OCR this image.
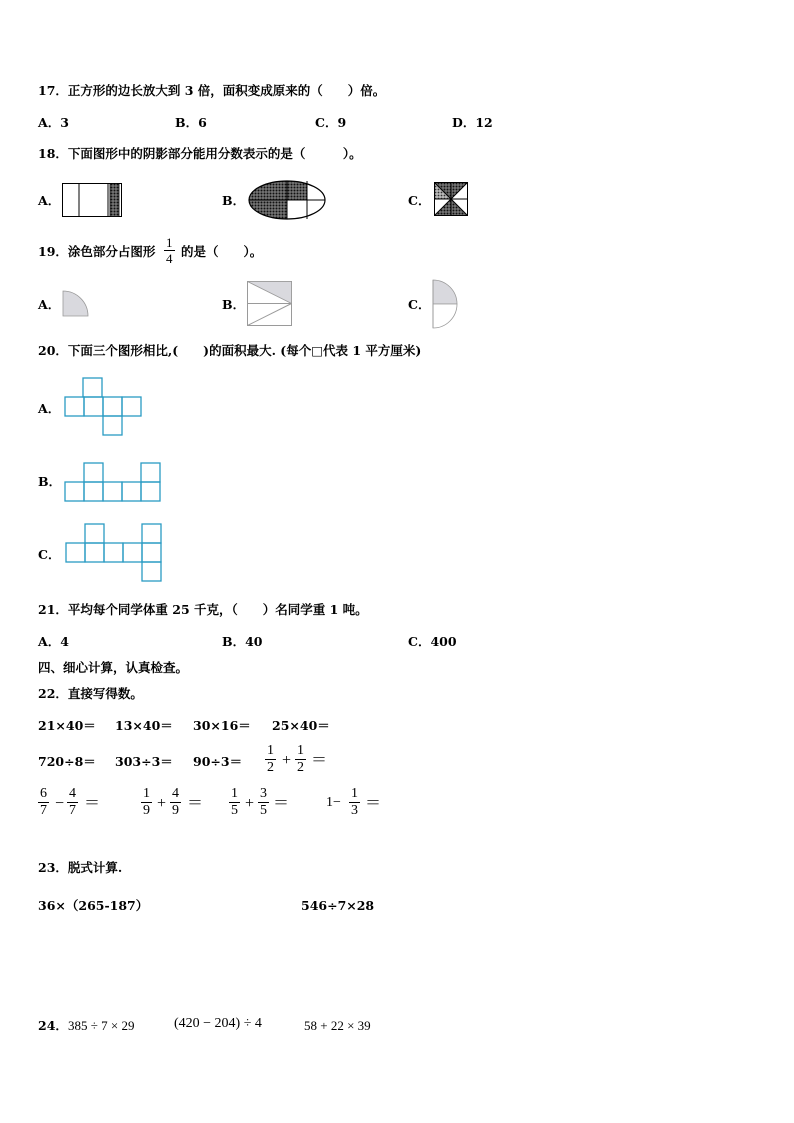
17．正方形的边长放大到 3 倍，面积变成原来的（　　）倍。
A．3	B．6	C．9	D．12
18．下面图形中的阴影部分能用分数表示的是（　　　）。
A．	B．	C．
19．涂色部分占图形 $\frac{1}{4}$ 的是（　　）。
A．	B．	C．
20．下面三个图形相比,(　　)的面积最大. (每个□代表 1 平方厘米)
A．
B．
C．
21．平均每个同学体重 25 千克，（　　）名同学重 1 吨。
A．4	B．40	C．400
四、细心计算，认真检查。
22．直接写得数。
21×40＝ 13×40＝ 30×16＝ 25×40＝
$720\div 8= 303\div 3= 90\div 3= \frac{1}{2} + \frac{1}{2}$ ＝
$\frac{6}{7} - \frac{4}{7}$ ＝	$\frac{1}{9} + \frac{4}{9} = \frac{1}{5} + \frac{3}{5}$ ＝	$1- \frac{1}{3}$ ＝
23．脱式计算.
36×（265-187）	546÷7×28
24． 385 ÷ 7 × 29	(420 − 204) ÷ 4	58 + 22 × 39
